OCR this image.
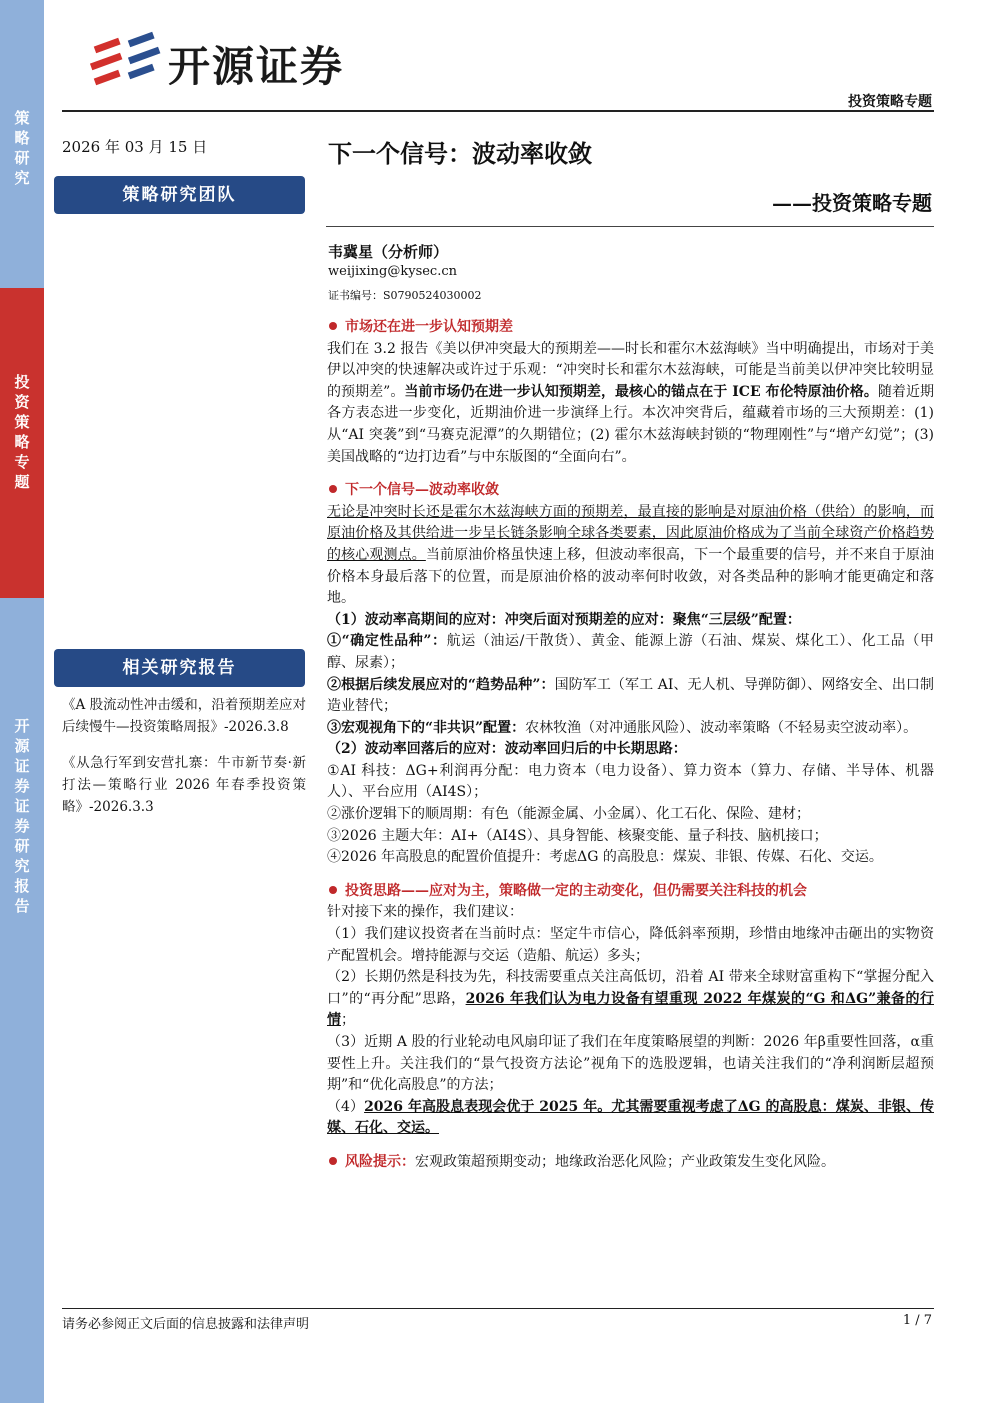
策略研究
投资策略专题
开源证券 证券研究报告
开源证券
投资策略专题
2026 年 03 月 15 日
策略研究团队
相关研究报告

《A 股流动性冲击缓和，沿着预期差应对后续慢牛—投资策略周报》-2026.3.8

《从急行军到安营扎寨：牛市新节奏·新打法—策略行业 2026 年春季投资策略》-2026.3.3

下一个信号：波动率收敛
——投资策略专题
韦冀星（分析师）
weijixing@kysec.cn
证书编号：S0790524030002

市场还在进一步认知预期差

我们在 3.2 报告《美以伊冲突最大的预期差——时长和霍尔木兹海峡》当中明确提出，市场对于美伊以冲突的快速解决或许过于乐观：“冲突时长和霍尔木兹海峡，可能是当前美以伊冲突比较明显的预期差”。当前市场仍在进一步认知预期差，最核心的锚点在于 ICE 布伦特原油价格。随着近期各方表态进一步变化，近期油价进一步演绎上行。本次冲突背后，蕴藏着市场的三大预期差：(1) 从“AI 突袭”到“马赛克泥潭”的久期错位；(2) 霍尔木兹海峡封锁的“物理刚性”与“增产幻觉”；(3) 美国战略的“边打边看”与中东版图的“全面向右”。

下一个信号—波动率收敛

无论是冲突时长还是霍尔木兹海峡方面的预期差，最直接的影响是对原油价格（供给）的影响，而原油价格及其供给进一步呈长链条影响全球各类要素，因此原油价格成为了当前全球资产价格趋势的核心观测点。当前原油价格虽快速上移，但波动率很高，下一个最重要的信号，并不来自于原油价格本身最后落下的位置，而是原油价格的波动率何时收敛，对各类品种的影响才能更确定和落地。

（1）波动率高期间的应对：冲突后面对预期差的应对：聚焦“三层级”配置：

①“确定性品种”：航运（油运/干散货）、黄金、能源上游（石油、煤炭、煤化工）、化工品（甲醇、尿素）；

②根据后续发展应对的“趋势品种”：国防军工（军工 AI、无人机、导弹防御）、网络安全、出口制造业替代；

③宏观视角下的“非共识”配置：农林牧渔（对冲通胀风险）、波动率策略（不轻易卖空波动率）。

（2）波动率回落后的应对：波动率回归后的中长期思路：

①AI 科技：ΔG+利润再分配：电力资本（电力设备）、算力资本（算力、存储、半导体、机器人）、平台应用（AI4S）；

②涨价逻辑下的顺周期：有色（能源金属、小金属）、化工石化、保险、建材；

③2026 主题大年：AI+（AI4S）、具身智能、核聚变能、量子科技、脑机接口；

④2026 年高股息的配置价值提升：考虑ΔG 的高股息：煤炭、非银、传媒、石化、交运。

投资思路——应对为主，策略做一定的主动变化，但仍需要关注科技的机会

针对接下来的操作，我们建议：

（1）我们建议投资者在当前时点：坚定牛市信心，降低斜率预期，珍惜由地缘冲击砸出的实物资产配置机会。增持能源与交运（造船、航运）多头；

（2）长期仍然是科技为先，科技需要重点关注高低切，沿着 AI 带来全球财富重构下“掌握分配入口”的“再分配”思路，2026 年我们认为电力设备有望重现 2022 年煤炭的“G 和ΔG”兼备的行情；

（3）近期 A 股的行业轮动电风扇印证了我们在年度策略展望的判断：2026 年β重要性回落，α重要性上升。关注我们的“景气投资方法论”视角下的选股逻辑，也请关注我们的“净利润断层超预期”和“优化高股息”的方法；

（4）2026 年高股息表现会优于 2025 年。尤其需要重视考虑了ΔG 的高股息：煤炭、非银、传媒、石化、交运。

风险提示：宏观政策超预期变动；地缘政治恶化风险；产业政策发生变化风险。

请务必参阅正文后面的信息披露和法律声明	1 / 7
